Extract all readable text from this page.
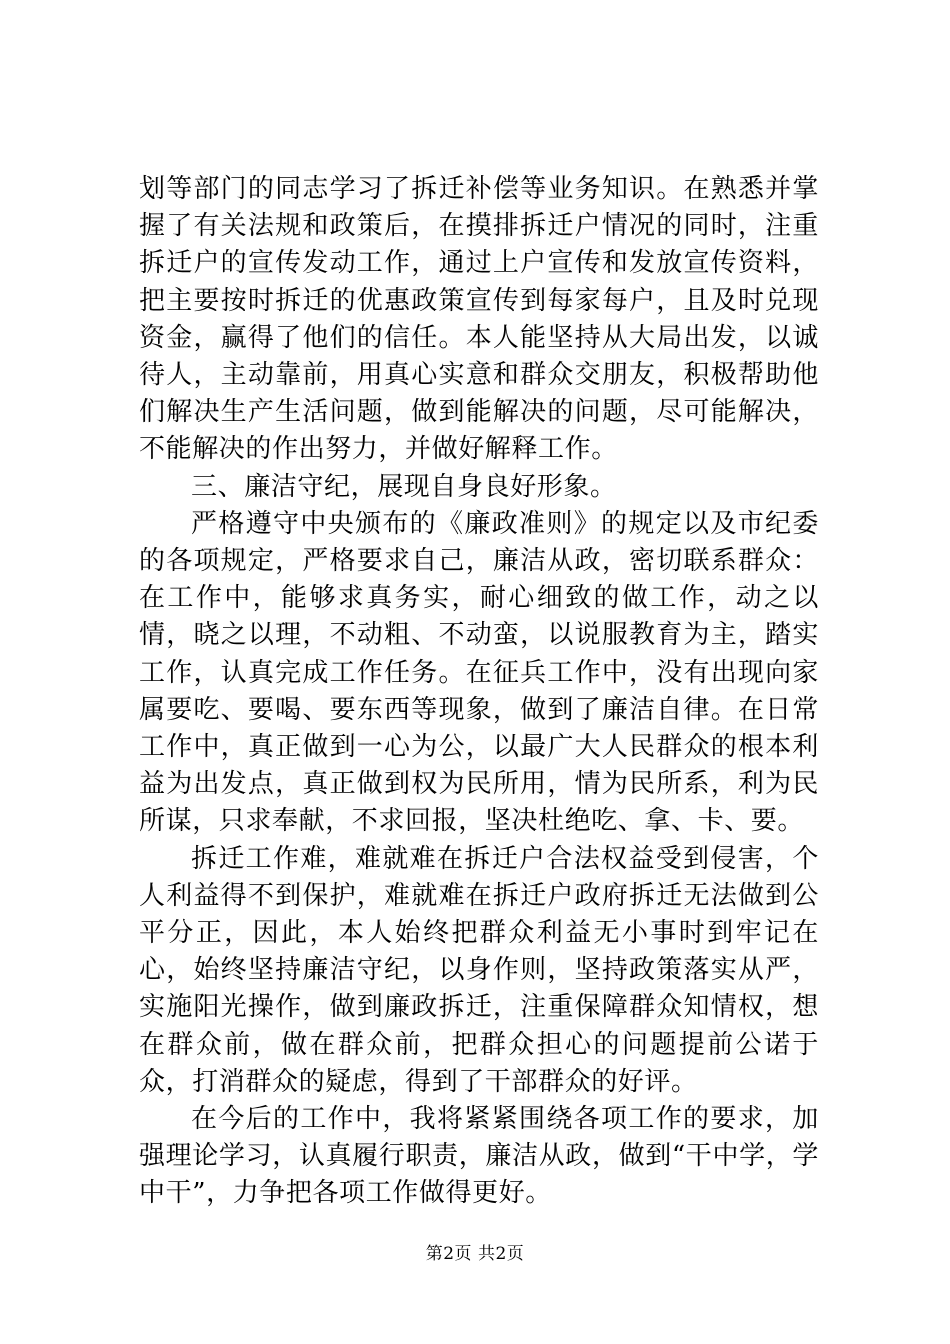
划等部门的同志学习了拆迁补偿等业务知识。在熟悉并掌握了有关法规和政策后，在摸排拆迁户情况的同时，注重拆迁户的宣传发动工作，通过上户宣传和发放宣传资料，把主要按时拆迁的优惠政策宣传到每家每户，且及时兑现资金，赢得了他们的信任。本人能坚持从大局出发，以诚待人，主动靠前，用真心实意和群众交朋友，积极帮助他们解决生产生活问题，做到能解决的问题，尽可能解决，不能解决的作出努力，并做好解释工作。

三、廉洁守纪，展现自身良好形象。

严格遵守中央颁布的《廉政准则》的规定以及市纪委的各项规定，严格要求自己，廉洁从政，密切联系群众：在工作中，能够求真务实，耐心细致的做工作，动之以情，晓之以理，不动粗、不动蛮，以说服教育为主，踏实工作，认真完成工作任务。在征兵工作中，没有出现向家属要吃、要喝、要东西等现象，做到了廉洁自律。在日常工作中，真正做到一心为公，以最广大人民群众的根本利益为出发点，真正做到权为民所用，情为民所系，利为民所谋，只求奉献，不求回报，坚决杜绝吃、拿、卡、要。

拆迁工作难，难就难在拆迁户合法权益受到侵害，个人利益得不到保护，难就难在拆迁户政府拆迁无法做到公平分正，因此，本人始终把群众利益无小事时到牢记在心，始终坚持廉洁守纪，以身作则，坚持政策落实从严，实施阳光操作，做到廉政拆迁，注重保障群众知情权，想在群众前，做在群众前，把群众担心的问题提前公诺于众，打消群众的疑虑，得到了干部群众的好评。

在今后的工作中，我将紧紧围绕各项工作的要求，加强理论学习，认真履行职责，廉洁从政，做到“干中学，学中干”，力争把各项工作做得更好。

第2页 共2页
